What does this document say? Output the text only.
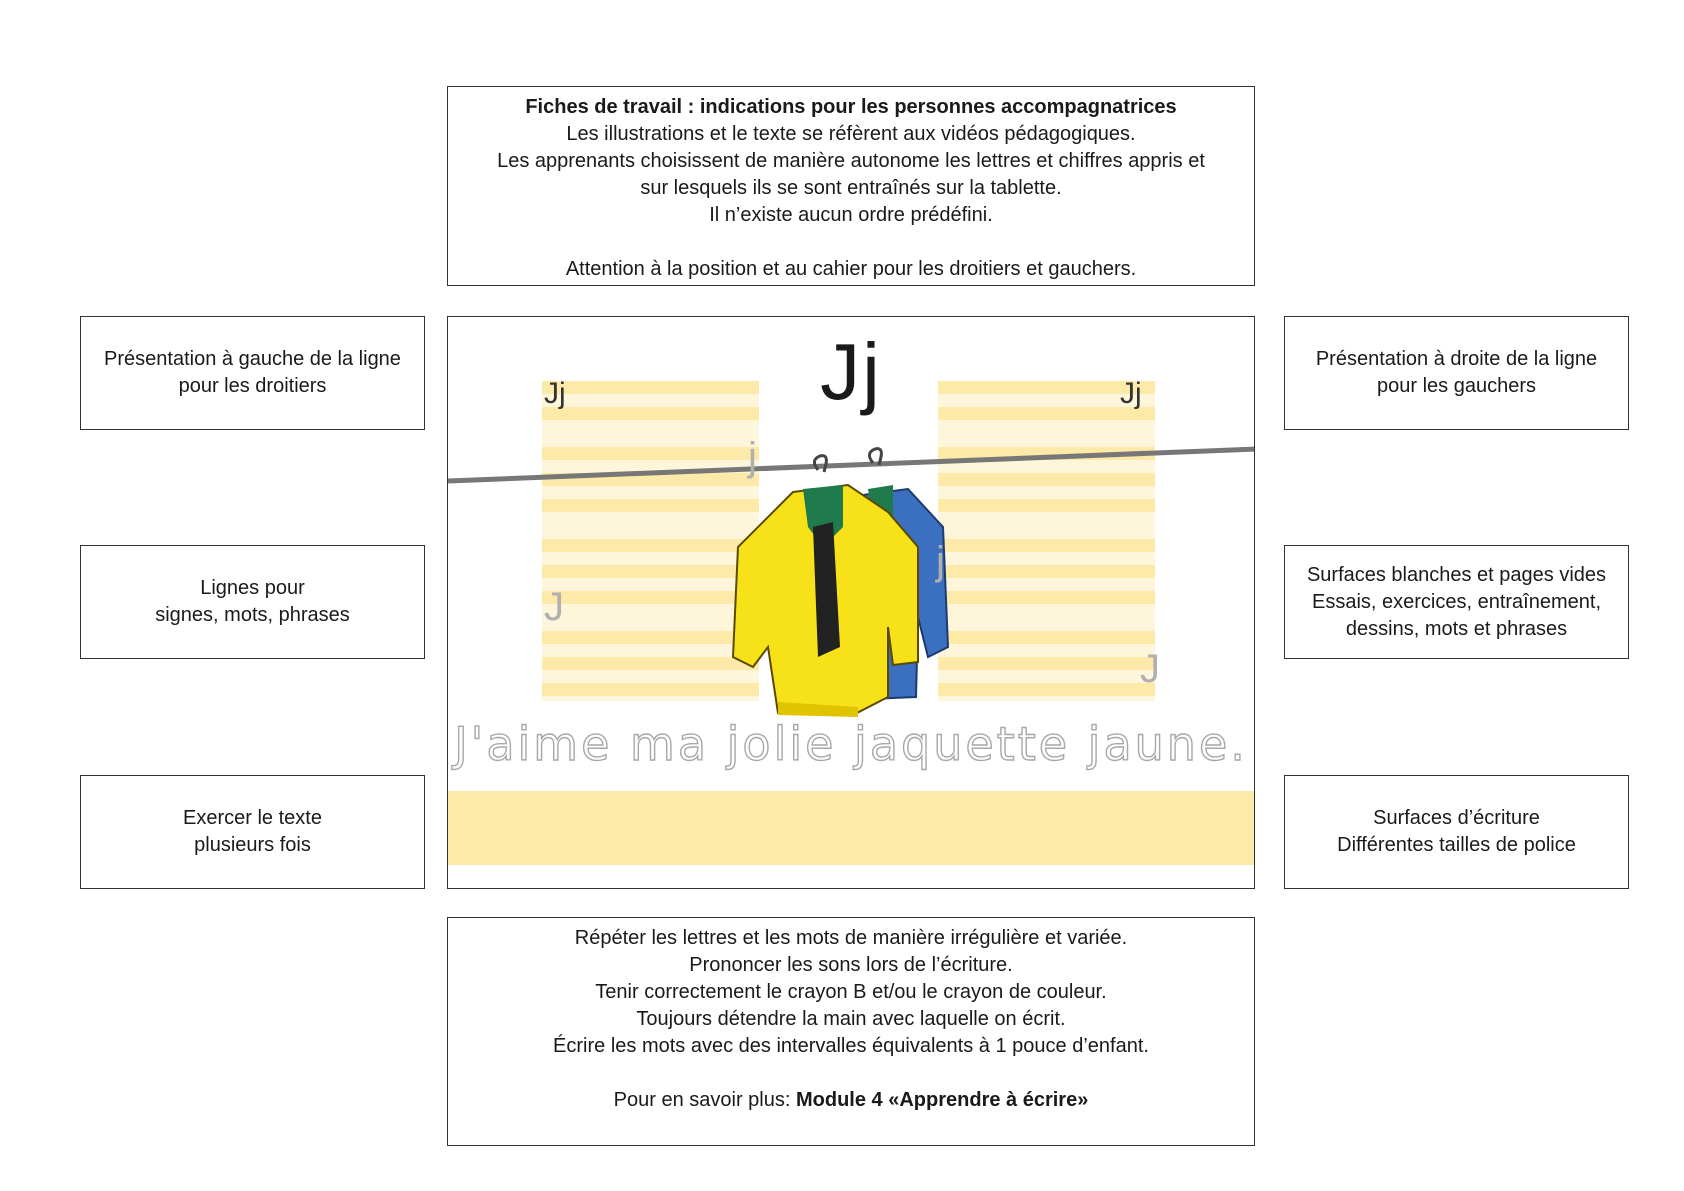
Fiches de travail : indications pour les personnes accompagnatrices
Les illustrations et le texte se réfèrent aux vidéos pédagogiques.
Les apprenants choisissent de manière autonome les lettres et chiffres appris et
sur lesquels ils se sont entraînés sur la tablette.
Il n’existe aucun ordre prédéfini.
Attention à la position et au cahier pour les droitiers et gauchers.
Présentation à gauche de la ligne
pour les droitiers
Lignes pour
signes, mots, phrases
Exercer le texte
plusieurs fois
Présentation à droite de la ligne
pour les gauchers
Surfaces blanches et pages vides
Essais, exercices, entraînement,
dessins, mots et phrases
Surfaces d’écriture
Différentes tailles de police
Jj
Jj	Jj
J
j
j
J
J'aime ma jolie jaquette jaune.
Répéter les lettres et les mots de manière irrégulière et variée.
Prononcer les sons lors de l’écriture.
Tenir correctement le crayon B et/ou le crayon de couleur.
Toujours détendre la main avec laquelle on écrit.
Écrire les mots avec des intervalles équivalents à 1 pouce d’enfant.
Pour en savoir plus: Module 4 «Apprendre à écrire»
